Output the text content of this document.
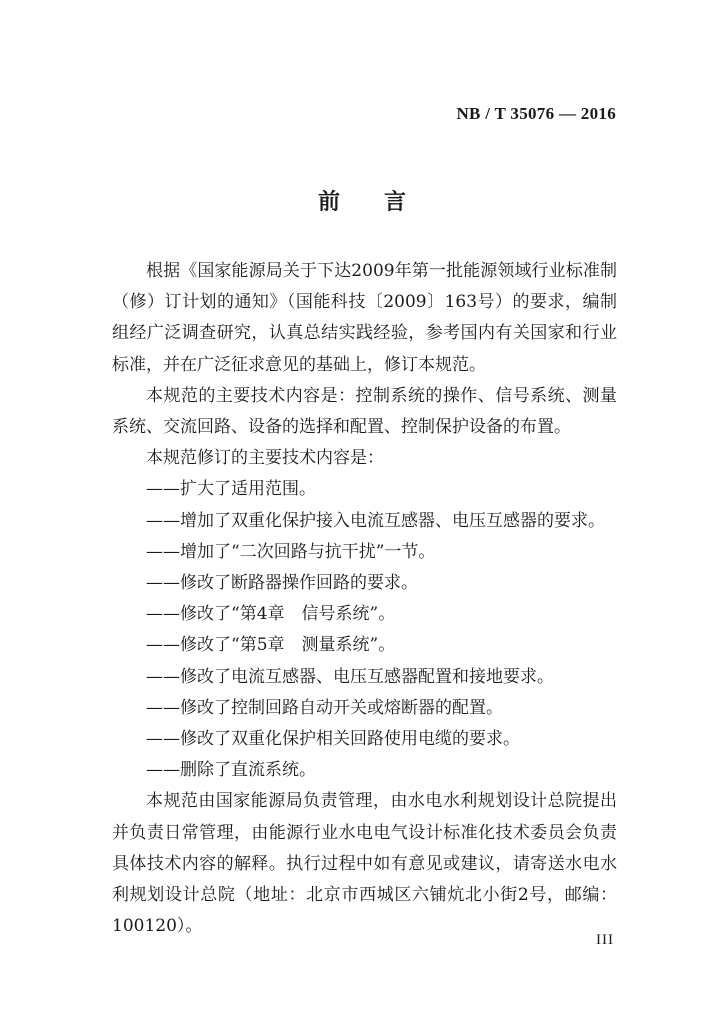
NB / T 35076 — 2016
前言

根据《国家能源局关于下达2009年第一批能源领域行业标准制（修）订计划的通知》（国能科技〔2009〕163号）的要求，编制组经广泛调查研究，认真总结实践经验，参考国内有关国家和行业标准，并在广泛征求意见的基础上，修订本规范。

本规范的主要技术内容是：控制系统的操作、信号系统、测量系统、交流回路、设备的选择和配置、控制保护设备的布置。

本规范修订的主要技术内容是：

——扩大了适用范围。

——增加了双重化保护接入电流互感器、电压互感器的要求。

——增加了“二次回路与抗干扰”一节。

——修改了断路器操作回路的要求。

——修改了“第4章　信号系统”。

——修改了“第5章　测量系统”。

——修改了电流互感器、电压互感器配置和接地要求。

——修改了控制回路自动开关或熔断器的配置。

——修改了双重化保护相关回路使用电缆的要求。

——删除了直流系统。

本规范由国家能源局负责管理，由水电水利规划设计总院提出并负责日常管理，由能源行业水电电气设计标准化技术委员会负责具体技术内容的解释。执行过程中如有意见或建议，请寄送水电水利规划设计总院（地址：北京市西城区六铺炕北小街2号，邮编：100120）。

III
